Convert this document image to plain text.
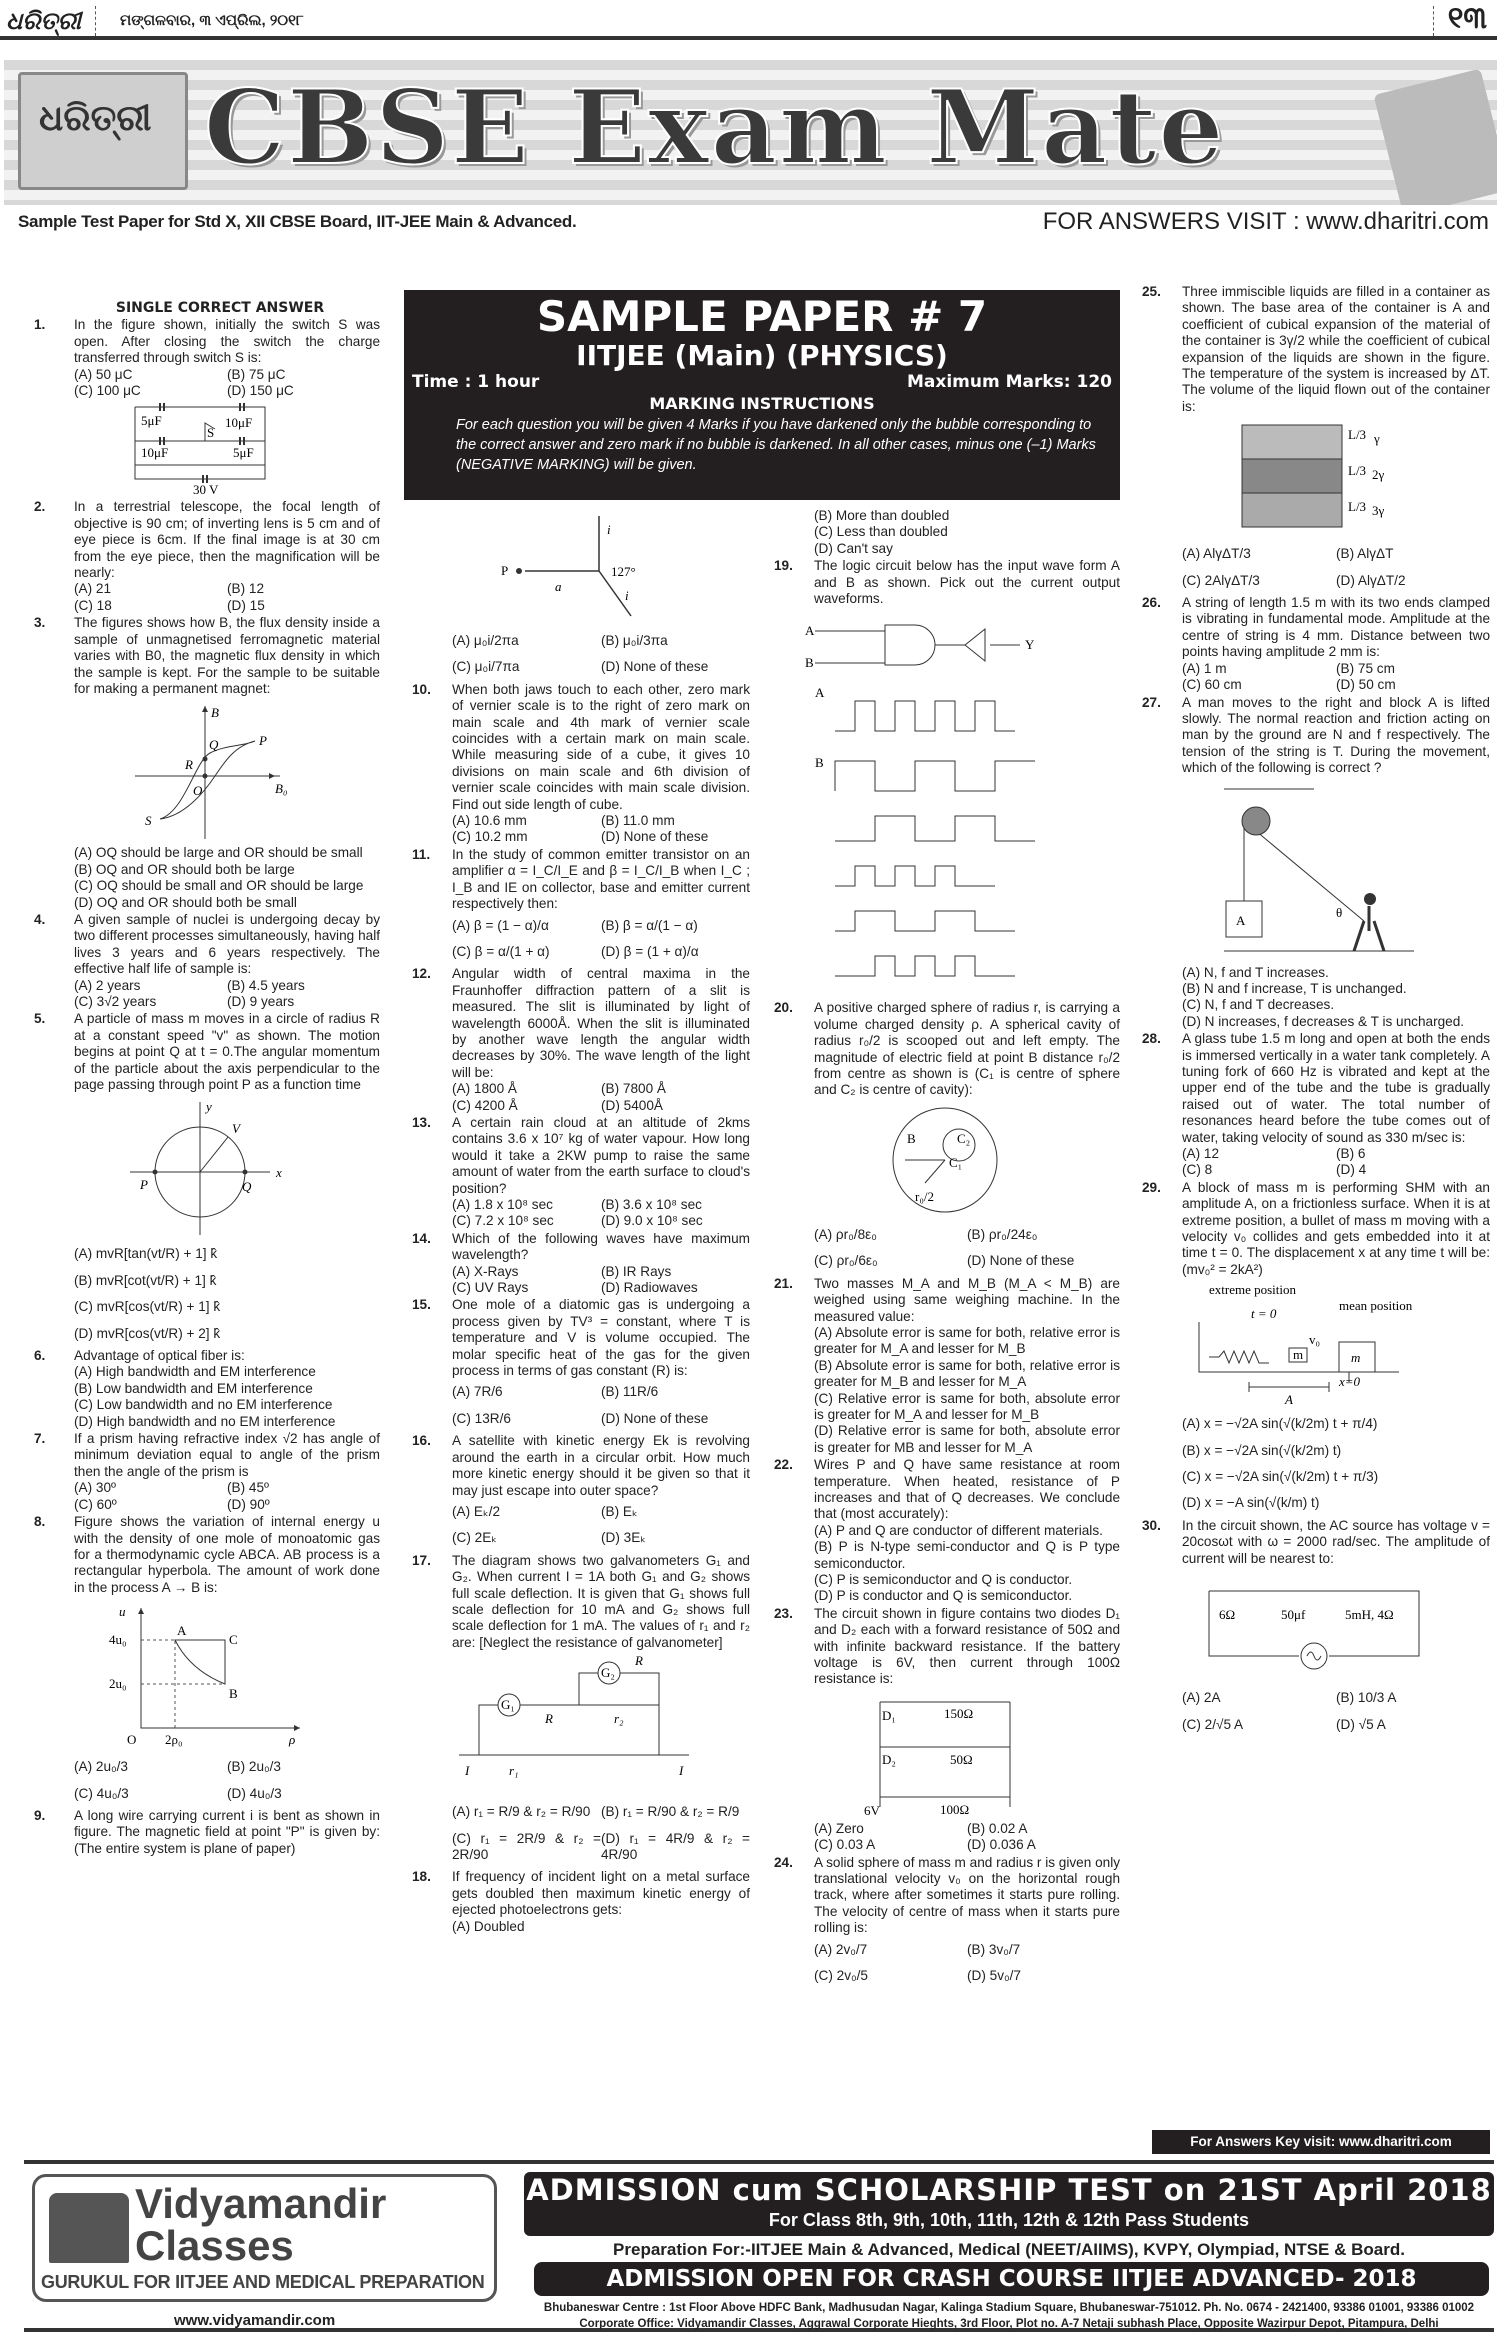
ଧରିତ୍ରୀ	ମଙ୍ଗଳବାର, ୩ ଏପ୍ରିଲ, ୨୦୧୮	୧୩
ଧରିତ୍ରୀ CBSE Exam Mate
Sample Test Paper for Std X, XII CBSE Board, IIT-JEE Main & Advanced.	FOR ANSWERS VISIT : www.dharitri.com
SAMPLE PAPER # 7
IITJEE (Main) (PHYSICS)
Time : 1 hour	Maximum Marks: 120
MARKING INSTRUCTIONS
For each question you will be given 4 Marks if you have darkened only the bubble corresponding to the correct answer and zero mark if no bubble is darkened. In all other cases, minus one (–1) Marks (NEGATIVE MARKING) will be given.
SINGLE CORRECT ANSWER
1.	In the figure shown, initially the switch S was open. After closing the switch the charge transferred through switch S is:
(A) 50 μC	(B) 75 μC
(C) 100 μC	(D) 150 μC
5μF	10μF
10μF	5μF
S
30 V
2.	In a terrestrial telescope, the focal length of objective is 90 cm; of inverting lens is 5 cm and of eye piece is 6cm. If the final image is at 30 cm from the eye piece, then the magnification will be nearly:
(A) 21	(B) 12
(C) 18	(D) 15
3.	The figures shows how B, the flux density inside a sample of unmagnetised ferromagnetic material varies with B0, the magnetic flux density in which the sample is kept. For the sample to be suitable for making a permanent magnet:
B
Q	P
R
O
S
B₀
(A) OQ should be large and OR should be small
(B) OQ and OR should both be large
(C) OQ should be small and OR should be large
(D) OQ and OR should both be small
4.	A given sample of nuclei is undergoing decay by two different processes simultaneously, having half lives 3 years and 6 years respectively. The effective half life of sample is:
(A) 2 years	(B) 4.5 years
(C) 3√2 years	(D) 9 years
5.	A particle of mass m moves in a circle of radius R at a constant speed "v" as shown. The motion begins at point Q at t = 0.The angular momentum of the particle about the axis perpendicular to the page passing through point P as a function time
y
V
x
P	Q
(A) mvR[tan(vt/R) + 1] k̂
(B) mvR[cot(vt/R) + 1] k̂
(C) mvR[cos(vt/R) + 1] k̂
(D) mvR[cos(vt/R) + 2] k̂
6.	Advantage of optical fiber is:
(A) High bandwidth and EM interference
(B) Low bandwidth and EM interference
(C) Low bandwidth and no EM interference
(D) High bandwidth and no EM interference
7.	If a prism having refractive index √2 has angle of minimum deviation equal to angle of the prism then the angle of the prism is
(A) 30º	(B) 45º
(C) 60º	(D) 90º
8.	Figure shows the variation of internal energy u with the density of one mole of monoatomic gas for a thermodynamic cycle ABCA. AB process is a rectangular hyperbola. The amount of work done in the process A → B is:
u
4u₀
2u₀
A
C
B
O 2ρ₀	ρ
(A) 2u₀/3	(B) 2u₀/3
(C) 4u₀/3	(D) 4u₀/3
9.	A long wire carrying current i is bent as shown in figure. The magnetic field at point "P" is given by: (The entire system is plane of paper)
P
a
i
i
127°
(A) μ₀i/2πa	(B) μ₀i/3πa
(C) μ₀i/7πa	(D) None of these
10.	When both jaws touch to each other, zero mark of vernier scale is to the right of zero mark on main scale and 4th mark of vernier scale coincides with a certain mark on main scale. While measuring side of a cube, it gives 10 divisions on main scale and 6th division of vernier scale coincides with main scale division. Find out side length of cube.
(A) 10.6 mm	(B) 11.0 mm
(C) 10.2 mm	(D) None of these
11.	In the study of common emitter transistor on an amplifier α = I_C/I_E and β = I_C/I_B when I_C ; I_B and IE on collector, base and emitter current respectively then:
(A) β = (1 − α)/α	(B) β = α/(1 − α)
(C) β = α/(1 + α)	(D) β = (1 + α)/α
12.	Angular width of central maxima in the Fraunhoffer diffraction pattern of a slit is measured. The slit is illuminated by light of wavelength 6000Å. When the slit is illuminated by another wave length the angular width decreases by 30%. The wave length of the light will be:
(A) 1800 Å	(B) 7800 Å
(C) 4200 Å	(D) 5400Å
13.	A certain rain cloud at an altitude of 2kms contains 3.6 x 10⁷ kg of water vapour. How long would it take a 2KW pump to raise the same amount of water from the earth surface to cloud's position?
(A) 1.8 x 10⁸ sec	(B) 3.6 x 10⁸ sec
(C) 7.2 x 10⁸ sec	(D) 9.0 x 10⁸ sec
14.	Which of the following waves have maximum wavelength?
(A) X-Rays	(B) IR Rays
(C) UV Rays	(D) Radiowaves
15.	One mole of a diatomic gas is undergoing a process given by TV³ = constant, where T is temperature and V is volume occupied. The molar specific heat of the gas for the given process in terms of gas constant (R) is:
(A) 7R/6	(B) 11R/6
(C) 13R/6	(D) None of these
16.	A satellite with kinetic energy Ek is revolving around the earth in a circular orbit. How much more kinetic energy should it be given so that it may just escape into outer space?
(A) Eₖ/2	(B) Eₖ
(C) 2Eₖ	(D) 3Eₖ
17.	The diagram shows two galvanometers G₁ and G₂. When current I = 1A both G₁ and G₂ shows full scale deflection. It is given that G₁ shows full scale deflection for 10 mA and G₂ shows full scale deflection for 1 mA. The values of r₁ and r₂ are: [Neglect the resistance of galvanometer]
G₁
G₂
R
R	r₂
I	r₁	I
(A) r₁ = R/9 & r₂ = R/90 (B) r₁ = R/90 & r₂ = R/9
(C) r₁ = 2R/9 & r₂ = 2R/90
(D) r₁ = 4R/9 & r₂ = 4R/90
18.	If frequency of incident light on a metal surface gets doubled then maximum kinetic energy of ejected photoelectrons gets:
(A) Doubled
(B) More than doubled
(C) Less than doubled
(D) Can't say
19.	The logic circuit below has the input wave form A and B as shown. Pick out the current output waveforms.
A
B
Y
A
B
20.	A positive charged sphere of radius r, is carrying a volume charged density ρ. A spherical cavity of radius r₀/2 is scooped out and left empty. The magnitude of electric field at point B distance r₀/2 from centre as shown is (C₁ is centre of sphere and C₂ is centre of cavity):
B	C₂
C₁
r₀/2
(A) ρr₀/8ε₀	(B) ρr₀/24ε₀
(C) ρr₀/6ε₀	(D) None of these
21.	Two masses M_A and M_B (M_A < M_B) are weighed using same weighing machine. In the measured value:
(A) Absolute error is same for both, relative error is greater for M_A and lesser for M_B
(B) Absolute error is same for both, relative error is greater for M_B and lesser for M_A
(C) Relative error is same for both, absolute error is greater for M_A and lesser for M_B
(D) Relative error is same for both, absolute error is greater for MB and lesser for M_A
22.	Wires P and Q have same resistance at room temperature. When heated, resistance of P increases and that of Q decreases. We conclude that (most accurately):
(A) P and Q are conductor of different materials.
(B) P is N-type semi-conductor and Q is P type semiconductor.
(C) P is semiconductor and Q is conductor.
(D) P is conductor and Q is semiconductor.
23.	The circuit shown in figure contains two diodes D₁ and D₂ each with a forward resistance of 50Ω and with infinite backward resistance. If the battery voltage is 6V, then current through 100Ω resistance is:
D₁	150Ω
D₂	50Ω
6V	100Ω
(A) Zero	(B) 0.02 A
(C) 0.03 A	(D) 0.036 A
24.	A solid sphere of mass m and radius r is given only translational velocity v₀ on the horizontal rough track, where after sometimes it starts pure rolling. The velocity of centre of mass when it starts pure rolling is:
(A) 2v₀/7	(B) 3v₀/7
(C) 2v₀/5	(D) 5v₀/7
25.	Three immiscible liquids are filled in a container as shown. The base area of the container is A and coefficient of cubical expansion of the material of the container is 3γ/2 while the coefficient of cubical expansion of the liquids are shown in the figure. The temperature of the system is increased by ΔT. The volume of the liquid flown out of the container is:
L/3 γ
L/3 2γ
L/3 3γ
(A) AlγΔT/3	(B) AlγΔT
(C) 2AlγΔT/3	(D) AlγΔT/2
26.	A string of length 1.5 m with its two ends clamped is vibrating in fundamental mode. Amplitude at the centre of string is 4 mm. Distance between two points having amplitude 2 mm is:
(A) 1 m	(B) 75 cm
(C) 60 cm	(D) 50 cm
27.	A man moves to the right and block A is lifted slowly. The normal reaction and friction acting on man by the ground are N and f respectively. The tension of the string is T. During the movement, which of the following is correct ?
A
θ
(A) N, f and T increases.
(B) N and f increase, T is unchanged.
(C) N, f and T decreases.
(D) N increases, f decreases & T is uncharged.
28.	A glass tube 1.5 m long and open at both the ends is immersed vertically in a water tank completely. A tuning fork of 660 Hz is vibrated and kept at the upper end of the tube and the tube is gradually raised out of water. The total number of resonances heard before the tube comes out of water, taking velocity of sound as 330 m/sec is:
(A) 12	(B) 6
(C) 8	(D) 4
29.	A block of mass m is performing SHM with an amplitude A, on a frictionless surface. When it is at extreme position, a bullet of mass m moving with a velocity v₀ collides and gets embedded into it at time t = 0. The displacement x at any time t will be: (mv₀² = 2kA²)
extreme position
t = 0
mean position
m
v₀
m
x=0
A
(A) x = −√2A sin(√(k/2m) t + π/4)
(B) x = −√2A sin(√(k/2m) t)
(C) x = −√2A sin(√(k/2m) t + π/3)
(D) x = −A sin(√(k/m) t)
30.	In the circuit shown, the AC source has voltage v = 20cosωt with ω = 2000 rad/sec. The amplitude of current will be nearest to:
6Ω	50μf	5mH, 4Ω
(A) 2A	(B) 10/3 A
(C) 2/√5 A	(D) √5 A
For Answers Key visit: www.dharitri.com
Vidyamandir
Classes
GURUKUL FOR IITJEE AND MEDICAL PREPARATION
www.vidyamandir.com
ADMISSION cum SCHOLARSHIP TEST on 21ST April 2018
For Class 8th, 9th, 10th, 11th, 12th & 12th Pass Students
Preparation For:-IITJEE Main & Advanced, Medical (NEET/AIIMS), KVPY, Olympiad, NTSE & Board.
ADMISSION OPEN FOR CRASH COURSE IITJEE ADVANCED- 2018
Bhubaneswar Centre : 1st Floor Above HDFC Bank, Madhusudan Nagar, Kalinga Stadium Square, Bhubaneswar-751012. Ph. No. 0674 - 2421400, 93386 01001, 93386 01002
Corporate Office: Vidyamandir Classes, Aggrawal Corporate Hieghts, 3rd Floor, Plot no. A-7 Netaji subhash Place, Opposite Wazirpur Depot, Pitampura, Delhi
